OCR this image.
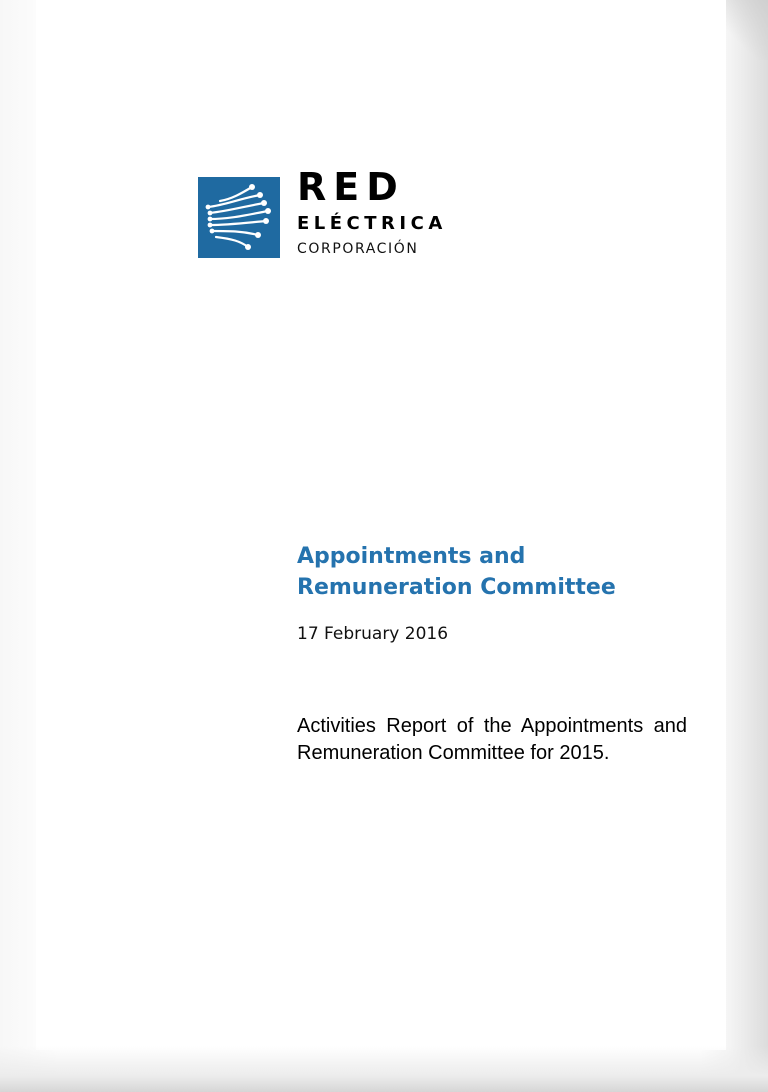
RED
ELÉCTRICA
CORPORACIÓN
Appointments and
Remuneration Committee
17 February 2016
Activities Report of the Appointments and Remuneration Committee for 2015.
